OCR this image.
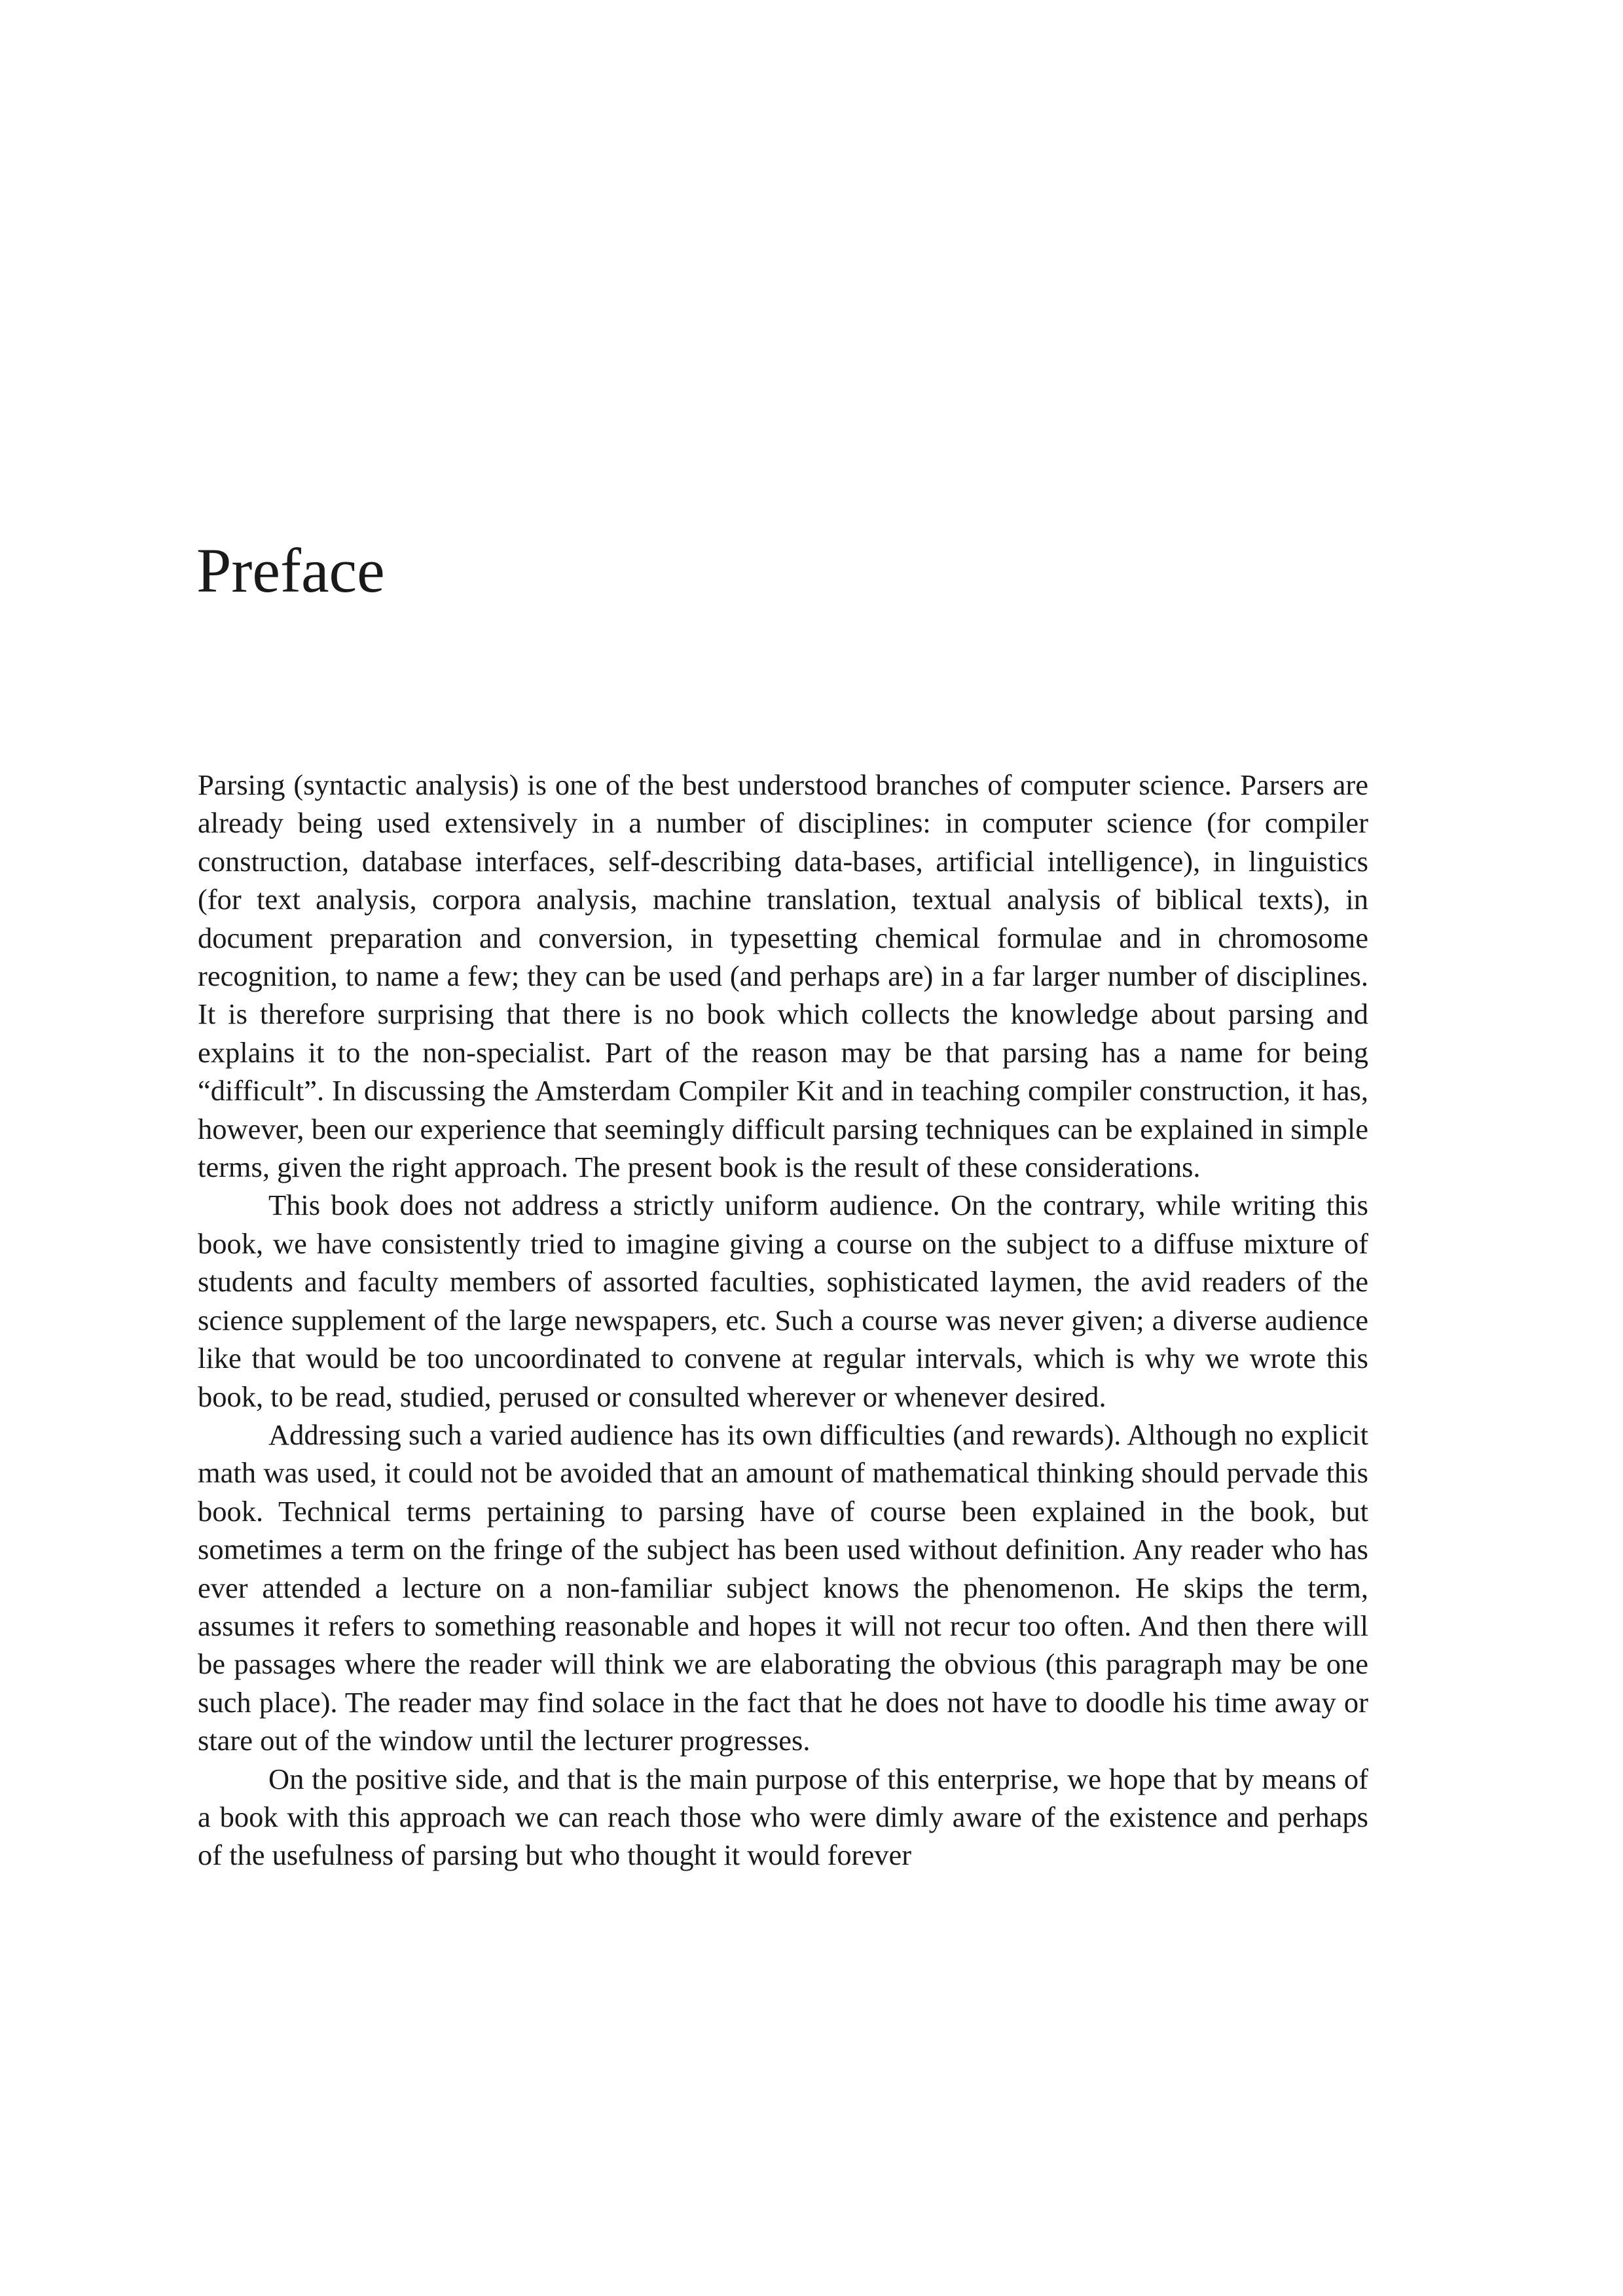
Preface

Parsing (syntactic analysis) is one of the best understood branches of computer science. Parsers are already being used extensively in a number of disciplines: in computer science (for compiler construction, database interfaces, self-describing data-bases, artificial intelligence), in linguistics (for text analysis, corpora analysis, machine translation, textual analysis of biblical texts), in document preparation and conversion, in typesetting chemical formulae and in chromosome recognition, to name a few; they can be used (and perhaps are) in a far larger number of disciplines. It is therefore surprising that there is no book which collects the knowledge about parsing and explains it to the non-specialist. Part of the reason may be that parsing has a name for being “difficult”. In discussing the Amsterdam Compiler Kit and in teaching compiler construction, it has, however, been our experience that seemingly difficult parsing techniques can be explained in simple terms, given the right approach. The present book is the result of these considerations.

This book does not address a strictly uniform audience. On the contrary, while writing this book, we have consistently tried to imagine giving a course on the subject to a diffuse mixture of students and faculty members of assorted faculties, sophisticated laymen, the avid readers of the science supplement of the large newspapers, etc. Such a course was never given; a diverse audience like that would be too uncoordinated to convene at regular intervals, which is why we wrote this book, to be read, studied, perused or consulted wherever or whenever desired.

Addressing such a varied audience has its own difficulties (and rewards). Although no explicit math was used, it could not be avoided that an amount of mathematical thinking should pervade this book. Technical terms pertaining to parsing have of course been explained in the book, but sometimes a term on the fringe of the subject has been used without definition. Any reader who has ever attended a lecture on a non-familiar subject knows the phenomenon. He skips the term, assumes it refers to something reasonable and hopes it will not recur too often. And then there will be passages where the reader will think we are elaborating the obvious (this paragraph may be one such place). The reader may find solace in the fact that he does not have to doodle his time away or stare out of the window until the lecturer progresses.

On the positive side, and that is the main purpose of this enterprise, we hope that by means of a book with this approach we can reach those who were dimly aware of the existence and perhaps of the usefulness of parsing but who thought it would forever
